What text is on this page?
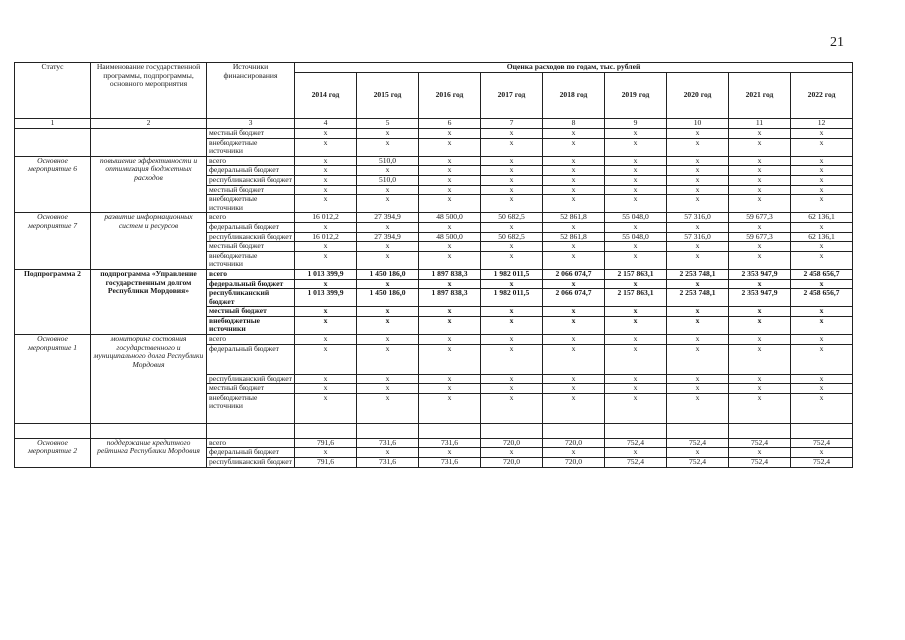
21
Статус	Наименование государственной программы, подпрограммы, основного мероприятия	Источники финансирования	Оценка расходов по годам, тыс. рублей								
			2014 год	2015 год	2016 год	2017 год	2018 год	2019 год	2020 год	2021 год	2022 год
1	2	3	4	5	6	7	8	9	10	11	12
		местный бюджет	х	х	х	х	х	х	х	х	х
		внебюджетные источники	х	х	х	х	х	х	х	х	х
Основное мероприятие 6	повышение эффективности и оптимизация бюджетных расходов	всего	х	510,0	х	х	х	х	х	х	х
		федеральный бюджет	х	х	х	х	х	х	х	х	х
		республиканский бюджет	х	510,0	х	х	х	х	х	х	х
		местный бюджет	х	х	х	х	х	х	х	х	х
		внебюджетные источники	х	х	х	х	х	х	х	х	х
Основное мероприятие 7	развитие информационных систем и ресурсов	всего	16 012,2	27 394,9	48 500,0	50 682,5	52 861,8	55 048,0	57 316,0	59 677,3	62 136,1
		федеральный бюджет	х	х	х	х	х	х	х	х	х
		республиканский бюджет	16 012,2	27 394,9	48 500,0	50 682,5	52 861,8	55 048,0	57 316,0	59 677,3	62 136,1
		местный бюджет	х	х	х	х	х	х	х	х	х
		внебюджетные источники	х	х	х	х	х	х	х	х	х
Подпрограмма 2	подпрограмма «Управление государственным долгом Республики Мордовия»	всего	1 013 399,9	1 450 186,0	1 897 838,3	1 982 011,5	2 066 074,7	2 157 863,1	2 253 748,1	2 353 947,9	2 458 656,7
		федеральный бюджет	х	х	х	х	х	х	х	х	х
		республиканский бюджет	1 013 399,9	1 450 186,0	1 897 838,3	1 982 011,5	2 066 074,7	2 157 863,1	2 253 748,1	2 353 947,9	2 458 656,7
		местный бюджет	х	х	х	х	х	х	х	х	х
		внебюджетные источники	х	х	х	х	х	х	х	х	х
Основное мероприятие 1	мониторинг состояния государственного и муниципального долга Республики Мордовия	всего	х	х	х	х	х	х	х	х	х
		федеральный бюджет	х	х	х	х	х	х	х	х	х
		республиканский бюджет	х	х	х	х	х	х	х	х	х
		местный бюджет	х	х	х	х	х	х	х	х	х
		внебюджетные источники	х	х	х	х	х	х	х	х	х

Основное мероприятие 2	поддержание кредитного рейтинга Республики Мордовия	всего	791,6	731,6	731,6	720,0	720,0	752,4	752,4	752,4	752,4
		федеральный бюджет	х	х	х	х	х	х	х	х	х
		республиканский бюджет	791,6	731,6	731,6	720,0	720,0	752,4	752,4	752,4	752,4
